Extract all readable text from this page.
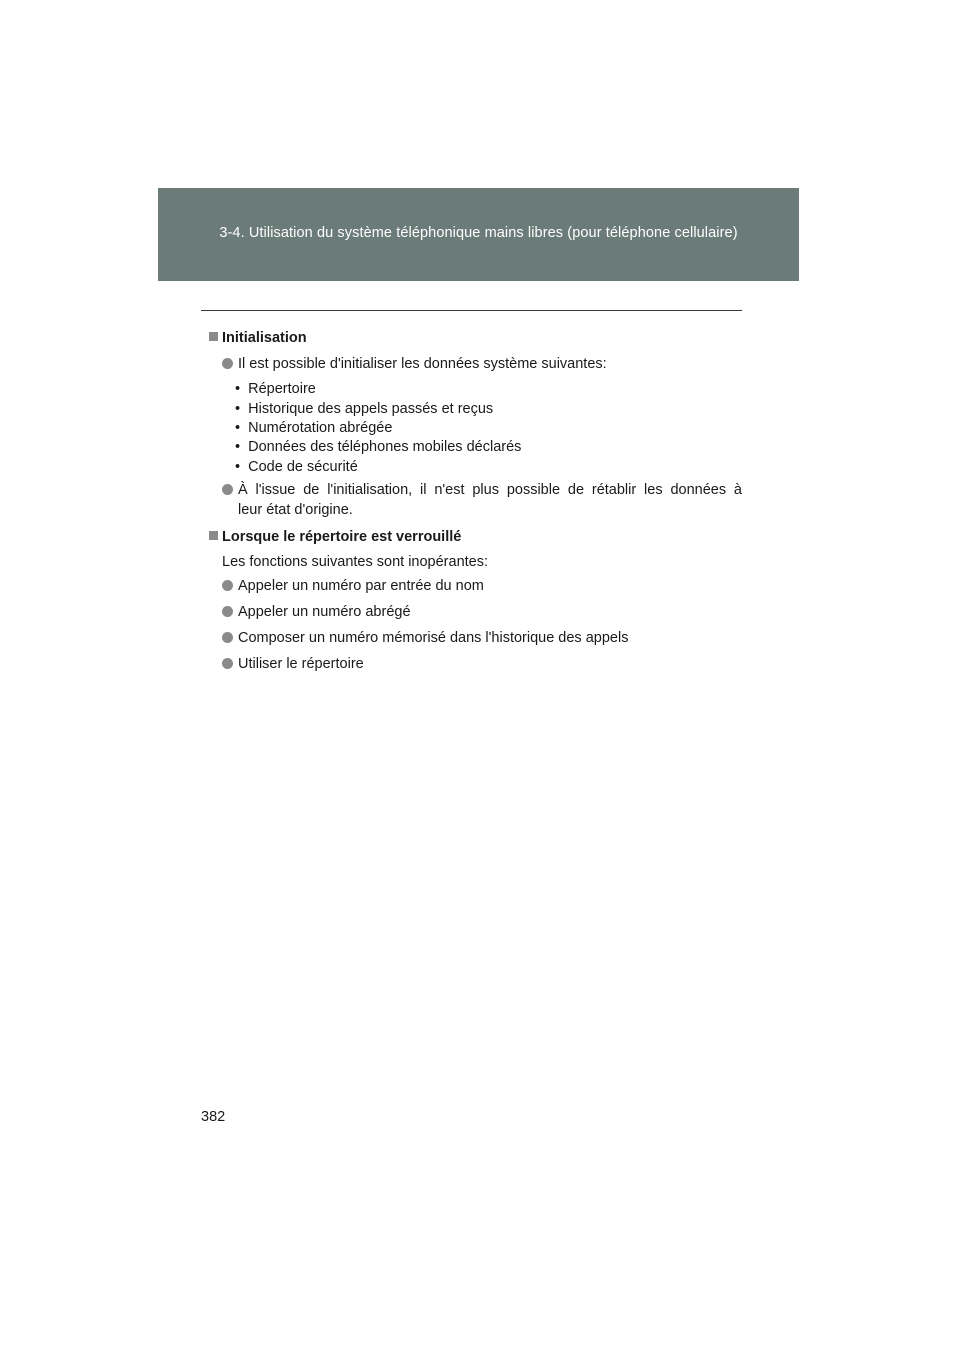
3-4. Utilisation du système téléphonique mains libres (pour téléphone cellulaire)
Initialisation
Il est possible d'initialiser les données système suivantes:
•  Répertoire
•  Historique des appels passés et reçus
•  Numérotation abrégée
•  Données des téléphones mobiles déclarés
•  Code de sécurité
À l'issue de l'initialisation, il n'est plus possible de rétablir les données à
leur état d'origine.
Lorsque le répertoire est verrouillé
Les fonctions suivantes sont inopérantes:
Appeler un numéro par entrée du nom
Appeler un numéro abrégé
Composer un numéro mémorisé dans l'historique des appels
Utiliser le répertoire
382
